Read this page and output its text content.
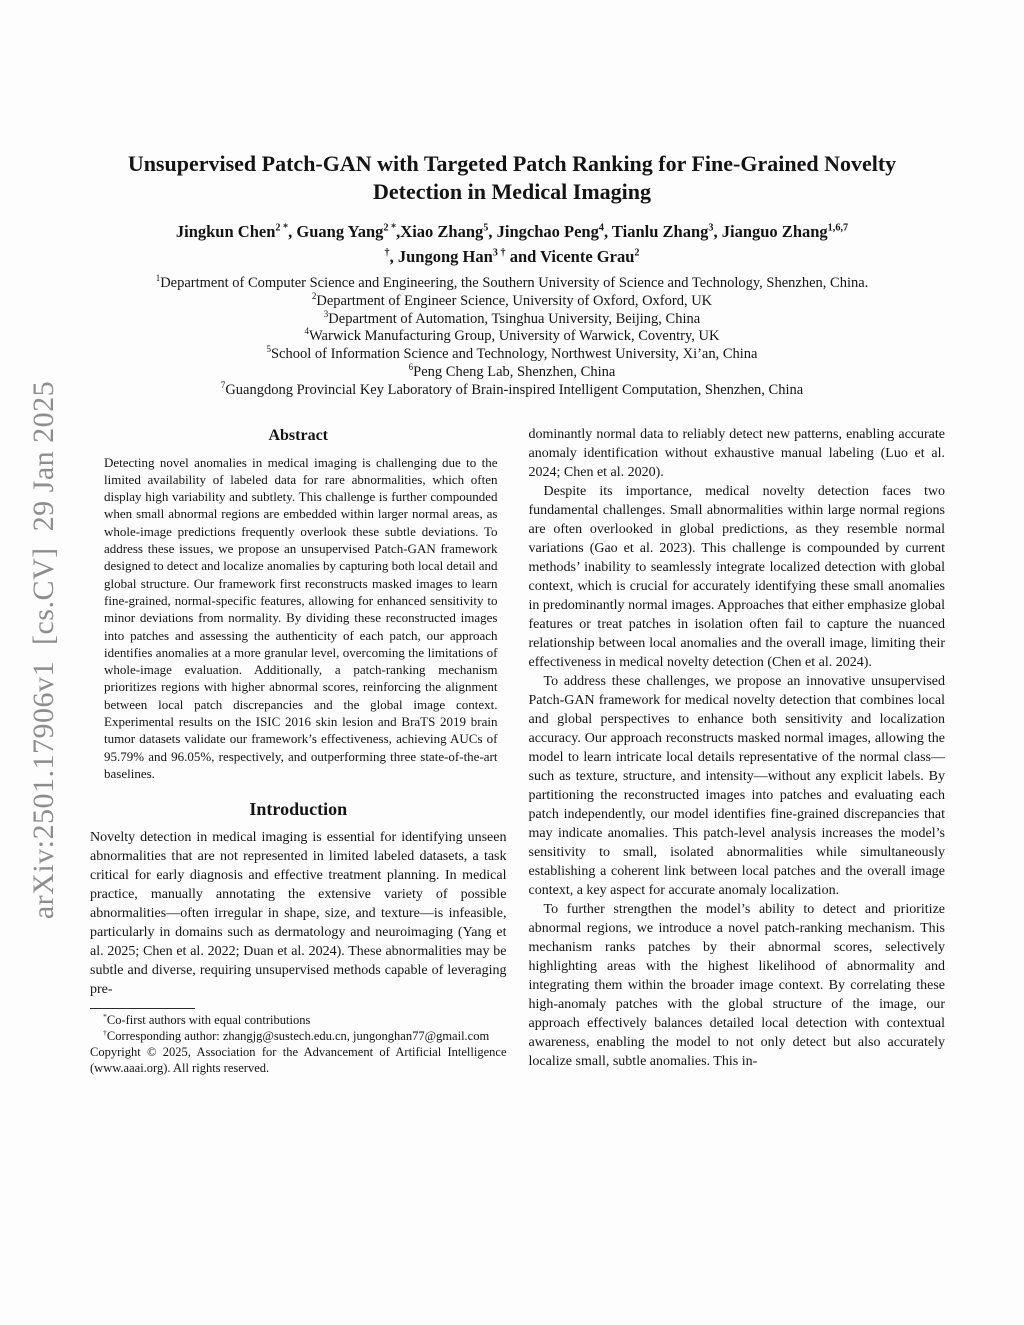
arXiv:2501.17906v1  [cs.CV]  29 Jan 2025
Unsupervised Patch-GAN with Targeted Patch Ranking for Fine-Grained Novelty
Detection in Medical Imaging
Jingkun Chen$^{2 *}$, Guang Yang$^{2 *}$,Xiao Zhang$^5$, Jingchao Peng$^4$, Tianlu Zhang$^3$, Jianguo Zhang$^{1,6,7}$
†, Jungong Han$^{3 \dagger}$ and Vicente Grau$^2$
$^1$Department of Computer Science and Engineering, the Southern University of Science and Technology, Shenzhen, China.
$^2$Department of Engineer Science, University of Oxford, Oxford, UK
$^3$Department of Automation, Tsinghua University, Beijing, China
$^4$Warwick Manufacturing Group, University of Warwick, Coventry, UK
$^5$School of Information Science and Technology, Northwest University, Xi’an, China
$^6$Peng Cheng Lab, Shenzhen, China
$^7$Guangdong Provincial Key Laboratory of Brain-inspired Intelligent Computation, Shenzhen, China
Abstract

Detecting novel anomalies in medical imaging is challenging due to the limited availability of labeled data for rare abnormalities, which often display high variability and subtlety. This challenge is further compounded when small abnormal regions are embedded within larger normal areas, as whole-image predictions frequently overlook these subtle deviations. To address these issues, we propose an unsupervised Patch-GAN framework designed to detect and localize anomalies by capturing both local detail and global structure. Our framework first reconstructs masked images to learn fine-grained, normal-specific features, allowing for enhanced sensitivity to minor deviations from normality. By dividing these reconstructed images into patches and assessing the authenticity of each patch, our approach identifies anomalies at a more granular level, overcoming the limitations of whole-image evaluation. Additionally, a patch-ranking mechanism prioritizes regions with higher abnormal scores, reinforcing the alignment between local patch discrepancies and the global image context. Experimental results on the ISIC 2016 skin lesion and BraTS 2019 brain tumor datasets validate our framework’s effectiveness, achieving AUCs of 95.79% and 96.05%, respectively, and outperforming three state-of-the-art baselines.

Introduction

Novelty detection in medical imaging is essential for identifying unseen abnormalities that are not represented in limited labeled datasets, a task critical for early diagnosis and effective treatment planning. In medical practice, manually annotating the extensive variety of possible abnormalities—often irregular in shape, size, and texture—is infeasible, particularly in domains such as dermatology and neuroimaging (Yang et al. 2025; Chen et al. 2022; Duan et al. 2024). These abnormalities may be subtle and diverse, requiring unsupervised methods capable of leveraging pre-

*Co-first authors with equal contributions

†Corresponding author: zhangjg@sustech.edu.cn, jungonghan77@gmail.com

Copyright © 2025, Association for the Advancement of Artificial Intelligence (www.aaai.org). All rights reserved.

dominantly normal data to reliably detect new patterns, enabling accurate anomaly identification without exhaustive manual labeling (Luo et al. 2024; Chen et al. 2020).

Despite its importance, medical novelty detection faces two fundamental challenges. Small abnormalities within large normal regions are often overlooked in global predictions, as they resemble normal variations (Gao et al. 2023). This challenge is compounded by current methods’ inability to seamlessly integrate localized detection with global context, which is crucial for accurately identifying these small anomalies in predominantly normal images. Approaches that either emphasize global features or treat patches in isolation often fail to capture the nuanced relationship between local anomalies and the overall image, limiting their effectiveness in medical novelty detection (Chen et al. 2024).

To address these challenges, we propose an innovative unsupervised Patch-GAN framework for medical novelty detection that combines local and global perspectives to enhance both sensitivity and localization accuracy. Our approach reconstructs masked normal images, allowing the model to learn intricate local details representative of the normal class—such as texture, structure, and intensity—without any explicit labels. By partitioning the reconstructed images into patches and evaluating each patch independently, our model identifies fine-grained discrepancies that may indicate anomalies. This patch-level analysis increases the model’s sensitivity to small, isolated abnormalities while simultaneously establishing a coherent link between local patches and the overall image context, a key aspect for accurate anomaly localization.

To further strengthen the model’s ability to detect and prioritize abnormal regions, we introduce a novel patch-ranking mechanism. This mechanism ranks patches by their abnormal scores, selectively highlighting areas with the highest likelihood of abnormality and integrating them within the broader image context. By correlating these high-anomaly patches with the global structure of the image, our approach effectively balances detailed local detection with contextual awareness, enabling the model to not only detect but also accurately localize small, subtle anomalies. This in-
